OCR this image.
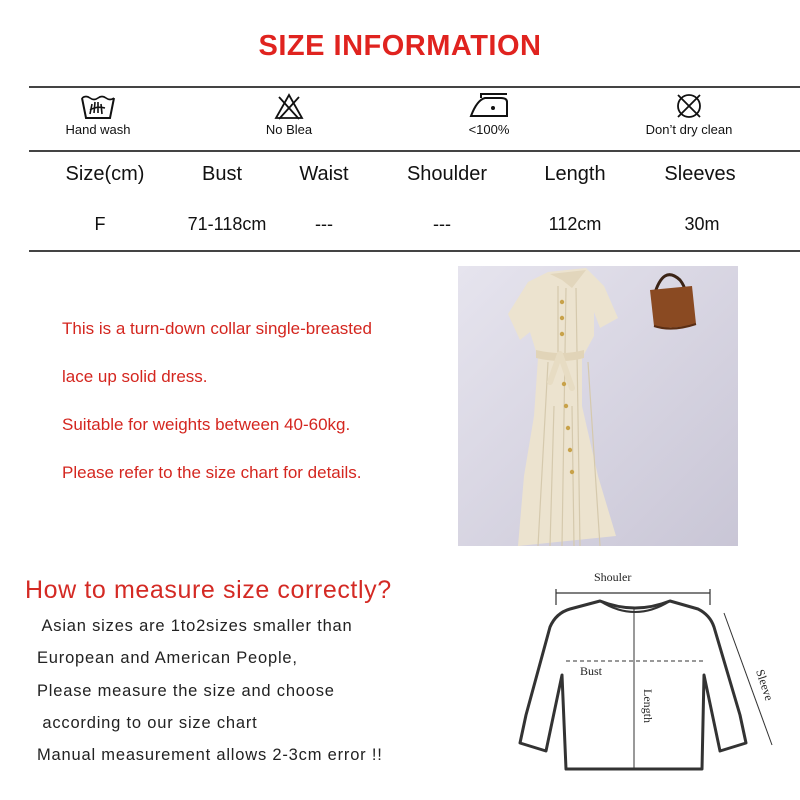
SIZE INFORMATION
Hand wash	No Blea	<100%	Don’t dry clean
Size(cm)	Bust	Waist	Shoulder	Length	Sleeves
F	71-118cm	---	---	112cm	30m
This is a turn-down collar single-breasted
lace up solid dress.
Suitable for weights between 40-60kg.
Please refer to the size chart for details.
How to measure size correctly?
Asian sizes are 1to2sizes smaller than
European and American People,
Please measure the size and choose
according to our size chart
Manual measurement allows 2-3cm error !!
Shouler
Bust
Length
Sleeve
